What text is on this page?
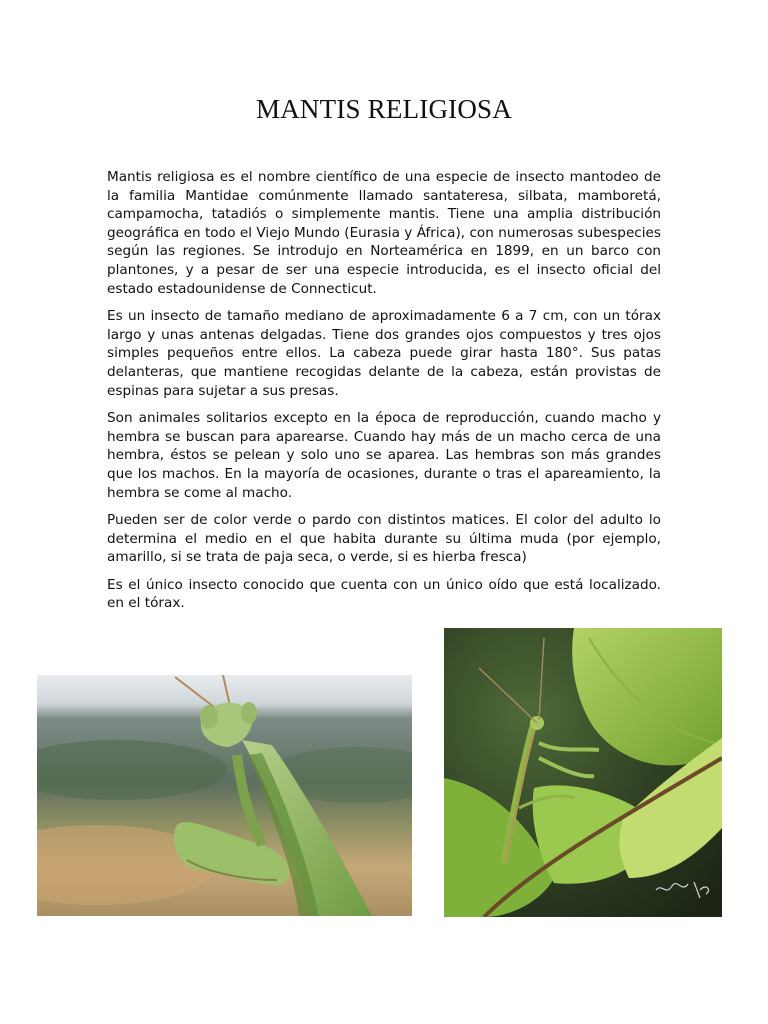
MANTIS RELIGIOSA

Mantis religiosa es el nombre científico de una especie de insecto mantodeo de la familia Mantidae comúnmente llamado santateresa, silbata, mamboretá, campamocha, tatadiós o simplemente mantis. Tiene una amplia distribución geográfica en todo el Viejo Mundo (Eurasia y África), con numerosas subespecies según las regiones. Se introdujo en Norteamérica en 1899, en un barco con plantones, y a pesar de ser una especie introducida, es el insecto oficial del estado estadounidense de Connecticut.

Es un insecto de tamaño mediano de aproximadamente 6 a 7 cm, con un tórax largo y unas antenas delgadas. Tiene dos grandes ojos compuestos y tres ojos simples pequeños entre ellos. La cabeza puede girar hasta 180°. Sus patas delanteras, que mantiene recogidas delante de la cabeza, están provistas de espinas para sujetar a sus presas.

Son animales solitarios excepto en la época de reproducción, cuando macho y hembra se buscan para aparearse. Cuando hay más de un macho cerca de una hembra, éstos se pelean y solo uno se aparea. Las hembras son más grandes que los machos. En la mayoría de ocasiones, durante o tras el apareamiento, la hembra se come al macho.

Pueden ser de color verde o pardo con distintos matices. El color del adulto lo determina el medio en el que habita durante su última muda (por ejemplo, amarillo, si se trata de paja seca, o verde, si es hierba fresca)

Es el único insecto conocido que cuenta con un único oído que está localizado. en el tórax.
